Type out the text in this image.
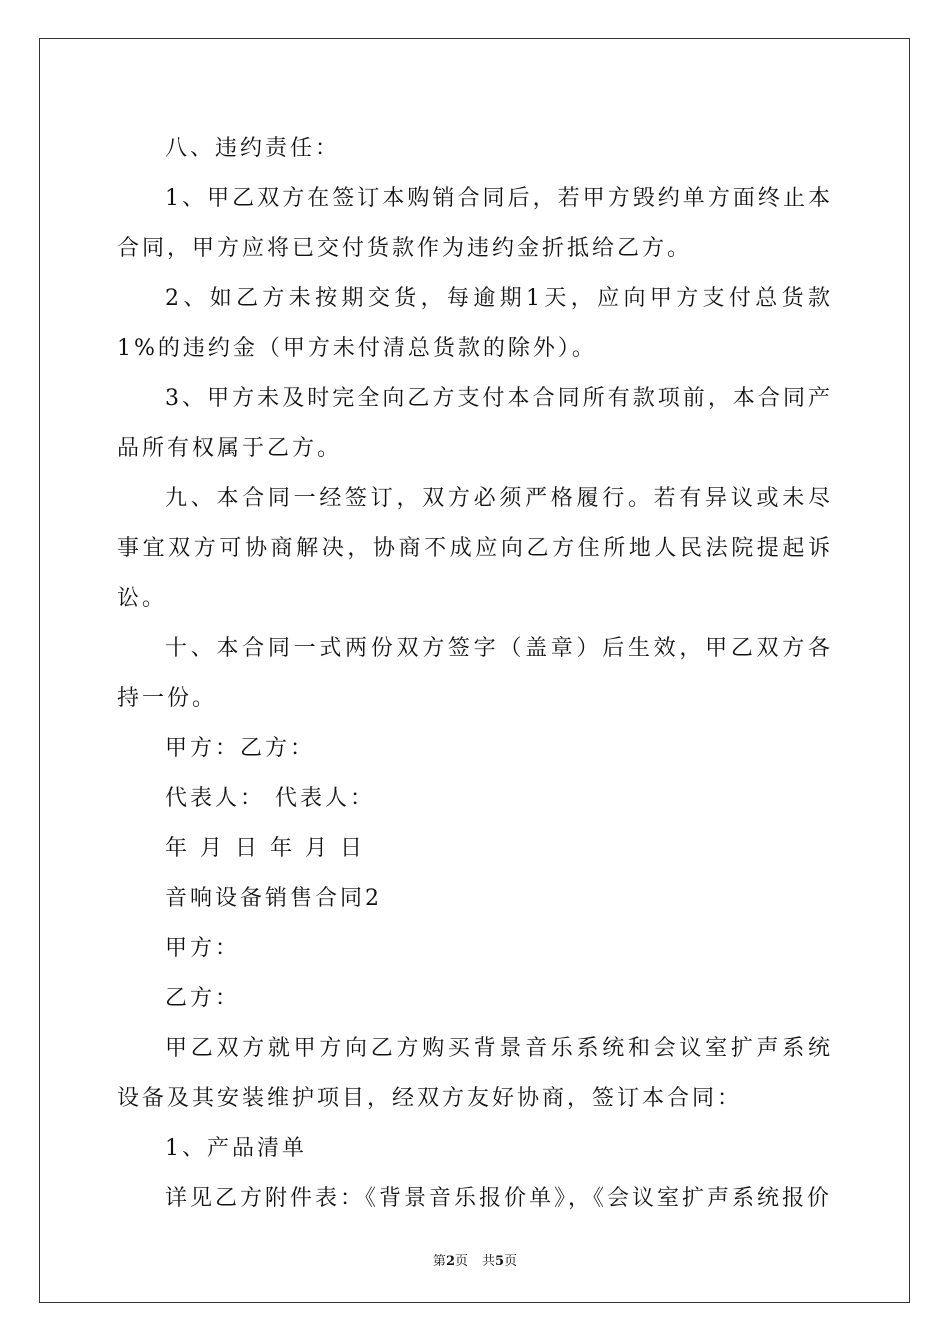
八、违约责任：

1、甲乙双方在签订本购销合同后，若甲方毁约单方面终止本合同，甲方应将已交付货款作为违约金折抵给乙方。

2、如乙方未按期交货，每逾期1天，应向甲方支付总货款1%的违约金（甲方未付清总货款的除外）。

3、甲方未及时完全向乙方支付本合同所有款项前，本合同产品所有权属于乙方。

九、本合同一经签订，双方必须严格履行。若有异议或未尽事宜双方可协商解决，协商不成应向乙方住所地人民法院提起诉讼。

十、本合同一式两份双方签字（盖章）后生效，甲乙双方各持一份。

甲方：乙方：

代表人： 代表人：

年 月 日 年 月 日

音响设备销售合同2

甲方：

乙方：

甲乙双方就甲方向乙方购买背景音乐系统和会议室扩声系统设备及其安装维护项目，经双方友好协商，签订本合同：

1、产品清单

详见乙方附件表：《背景音乐报价单》，《会议室扩声系统报价

第2页 共5页
